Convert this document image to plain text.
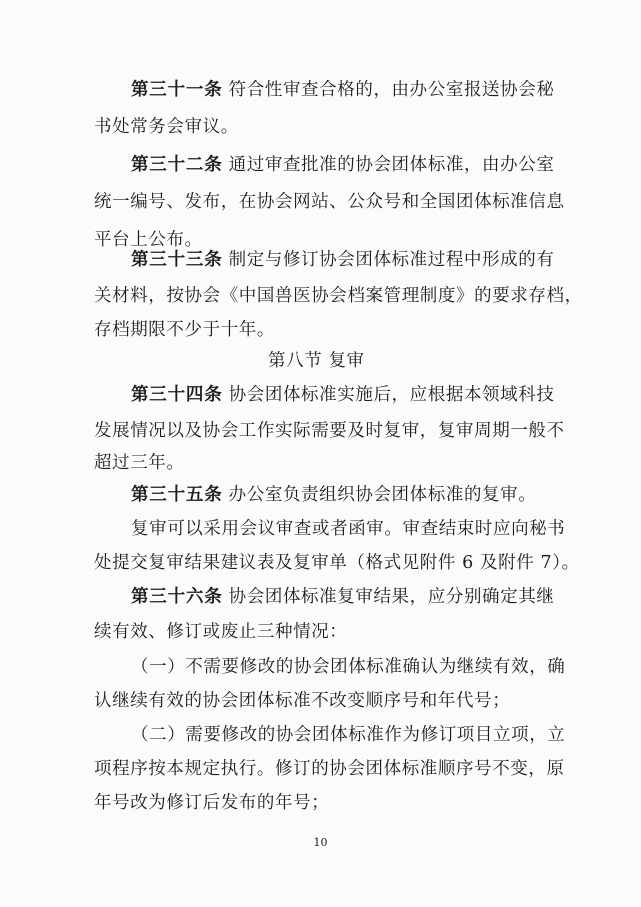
第三十一条 符合性审查合格的，由办公室报送协会秘
书处常务会审议。
第三十二条 通过审查批准的协会团体标准，由办公室
统一编号、发布，在协会网站、公众号和全国团体标准信息
平台上公布。
第三十三条 制定与修订协会团体标准过程中形成的有
关材料，按协会《中国兽医协会档案管理制度》的要求存档，
存档期限不少于十年。
第八节 复审
第三十四条 协会团体标准实施后，应根据本领域科技
发展情况以及协会工作实际需要及时复审，复审周期一般不
超过三年。
第三十五条 办公室负责组织协会团体标准的复审。
复审可以采用会议审查或者函审。审查结束时应向秘书
处提交复审结果建议表及复审单（格式见附件 6 及附件 7）。
第三十六条 协会团体标准复审结果，应分别确定其继
续有效、修订或废止三种情况：
（一）不需要修改的协会团体标准确认为继续有效，确
认继续有效的协会团体标准不改变顺序号和年代号；
（二）需要修改的协会团体标准作为修订项目立项，立
项程序按本规定执行。修订的协会团体标准顺序号不变，原
年号改为修订后发布的年号；
10
